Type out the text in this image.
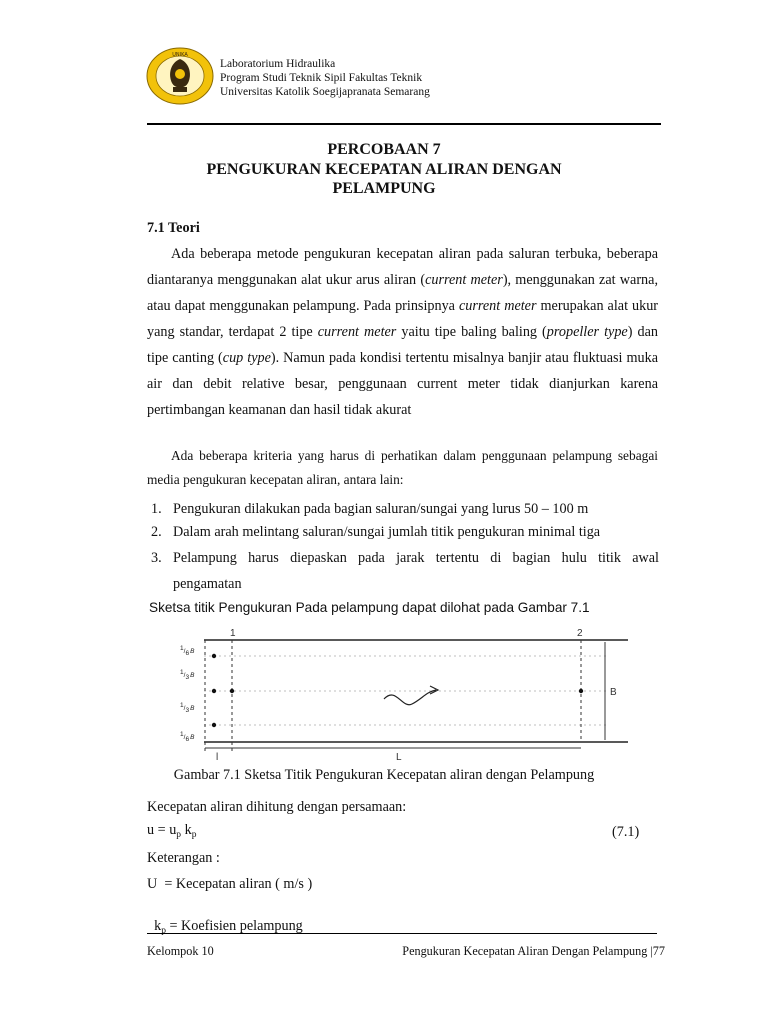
UNIKA
Laboratorium Hidraulika
Program Studi Teknik Sipil Fakultas Teknik
Universitas Katolik Soegijapranata Semarang
PERCOBAAN 7
PENGUKURAN KECEPATAN ALIRAN DENGAN
PELAMPUNG
7.1 Teori

Ada beberapa metode pengukuran kecepatan aliran pada saluran terbuka, beberapa diantaranya menggunakan alat ukur arus aliran (current meter), menggunakan zat warna, atau dapat menggunakan pelampung. Pada prinsipnya current meter merupakan alat ukur yang standar, terdapat 2 tipe current meter yaitu tipe baling baling (propeller type) dan tipe canting (cup type). Namun pada kondisi tertentu misalnya banjir atau fluktuasi muka air dan debit relative besar, penggunaan current meter tidak dianjurkan karena pertimbangan keamanan dan hasil tidak akurat

Ada beberapa kriteria yang harus di perhatikan dalam penggunaan pelampung sebagai media pengukuran kecepatan aliran, antara lain:

1. Pengukuran dilakukan pada bagian saluran/sungai yang lurus 50 – 100 m
2. Dalam arah melintang saluran/sungai jumlah titik pengukuran minimal tiga
3. Pelampung harus diepaskan pada jarak tertentu di bagian hulu titik awal
pengamatan
Sketsa titik Pengukuran Pada pelampung dapat dilohat pada Gambar 7.1
1/6B
1/3B
1/3B
1/6B
1	2
B
l	L
Gambar 7.1 Sketsa Titik Pengukuran Kecepatan aliran dengan Pelampung
Kecepatan aliran dihitung dengan persamaan:
$u = u_p$ $k_p$	(7.1)
Keterangan :
U  = Kecepatan aliran ( m/s )

$k_p$ = Koefisien pelampung

Kelompok 10	Pengukuran Kecepatan Aliran Dengan Pelampung |77
